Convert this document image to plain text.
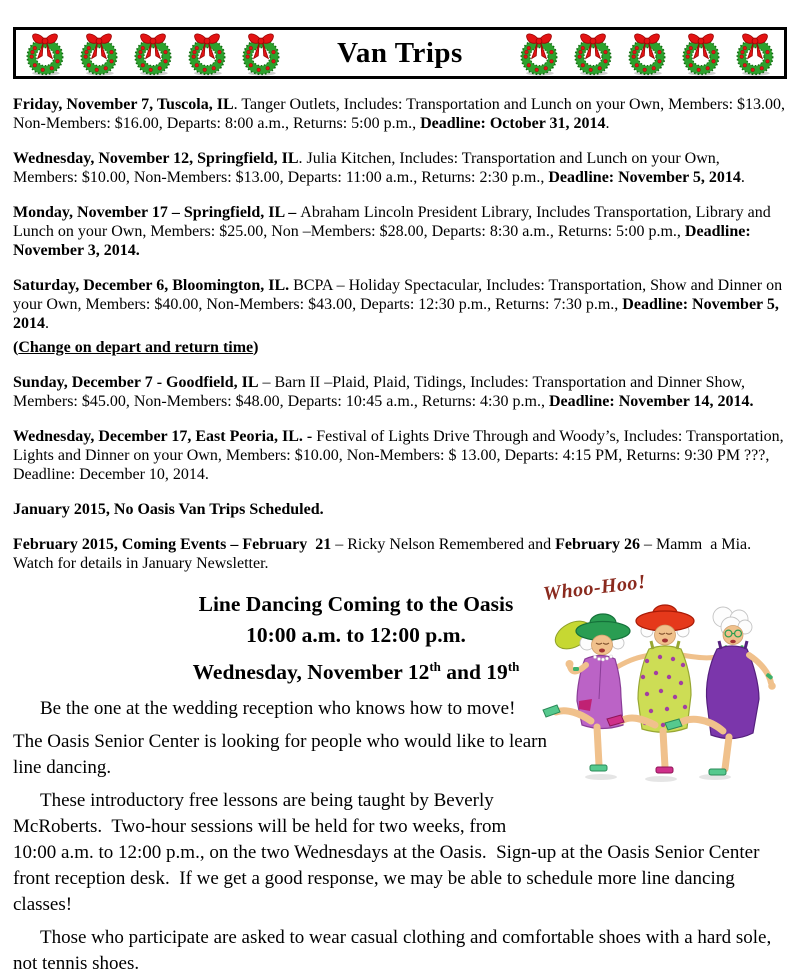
Van Trips

Friday, November 7, Tuscola, IL. Tanger Outlets, Includes: Transportation and Lunch on your Own, Members: $13.00, Non-Members: $16.00, Departs: 8:00 a.m., Returns: 5:00 p.m., Deadline: October 31, 2014.

Wednesday, November 12, Springfield, IL. Julia Kitchen, Includes: Transportation and Lunch on your Own, Members: $10.00, Non-Members: $13.00, Departs: 11:00 a.m., Returns: 2:30 p.m., Deadline: November 5, 2014.

Monday, November 17 – Springfield, IL – Abraham Lincoln President Library, Includes Transportation, Library and Lunch on your Own, Members: $25.00, Non –Members: $28.00, Departs: 8:30 a.m., Returns: 5:00 p.m., Deadline: November 3, 2014.

Saturday, December 6, Bloomington, IL. BCPA – Holiday Spectacular, Includes: Transportation, Show and Dinner on your Own, Members: $40.00, Non-Members: $43.00, Departs: 12:30 p.m., Returns: 7:30 p.m., Deadline: November 5, 2014.

(Change on depart and return time)

Sunday, December 7 - Goodfield, IL – Barn II –Plaid, Plaid, Tidings, Includes: Transportation and Dinner Show, Members: $45.00, Non-Members: $48.00, Departs: 10:45 a.m., Returns: 4:30 p.m., Deadline: November 14, 2014.

Wednesday, December 17, East Peoria, IL. - Festival of Lights Drive Through and Woody’s, Includes: Transportation, Lights and Dinner on your Own, Members: $10.00, Non-Members: $ 13.00, Departs: 4:15 PM, Returns: 9:30 PM ???, Deadline: December 10, 2014.

January 2015, No Oasis Van Trips Scheduled.

February 2015, Coming Events – February  21 – Ricky Nelson Remembered and February 26 – Mamm  a Mia. Watch for details in January Newsletter.

Whoo-Hoo!

Line Dancing Coming to the Oasis

10:00 a.m. to 12:00 p.m.

Wednesday, November 12th and 19th

Be the one at the wedding reception who knows how to move!

The Oasis Senior Center is looking for people who would like to learn line dancing.

These introductory free lessons are being taught by Beverly McRoberts.  Two-hour sessions will be held for two weeks, from 10:00 a.m. to 12:00 p.m., on the two Wednesdays at the Oasis.  Sign-up at the Oasis Senior Center front reception desk.  If we get a good response, we may be able to schedule more line dancing classes!

Those who participate are asked to wear casual clothing and comfortable shoes with a hard sole, not tennis shoes.
